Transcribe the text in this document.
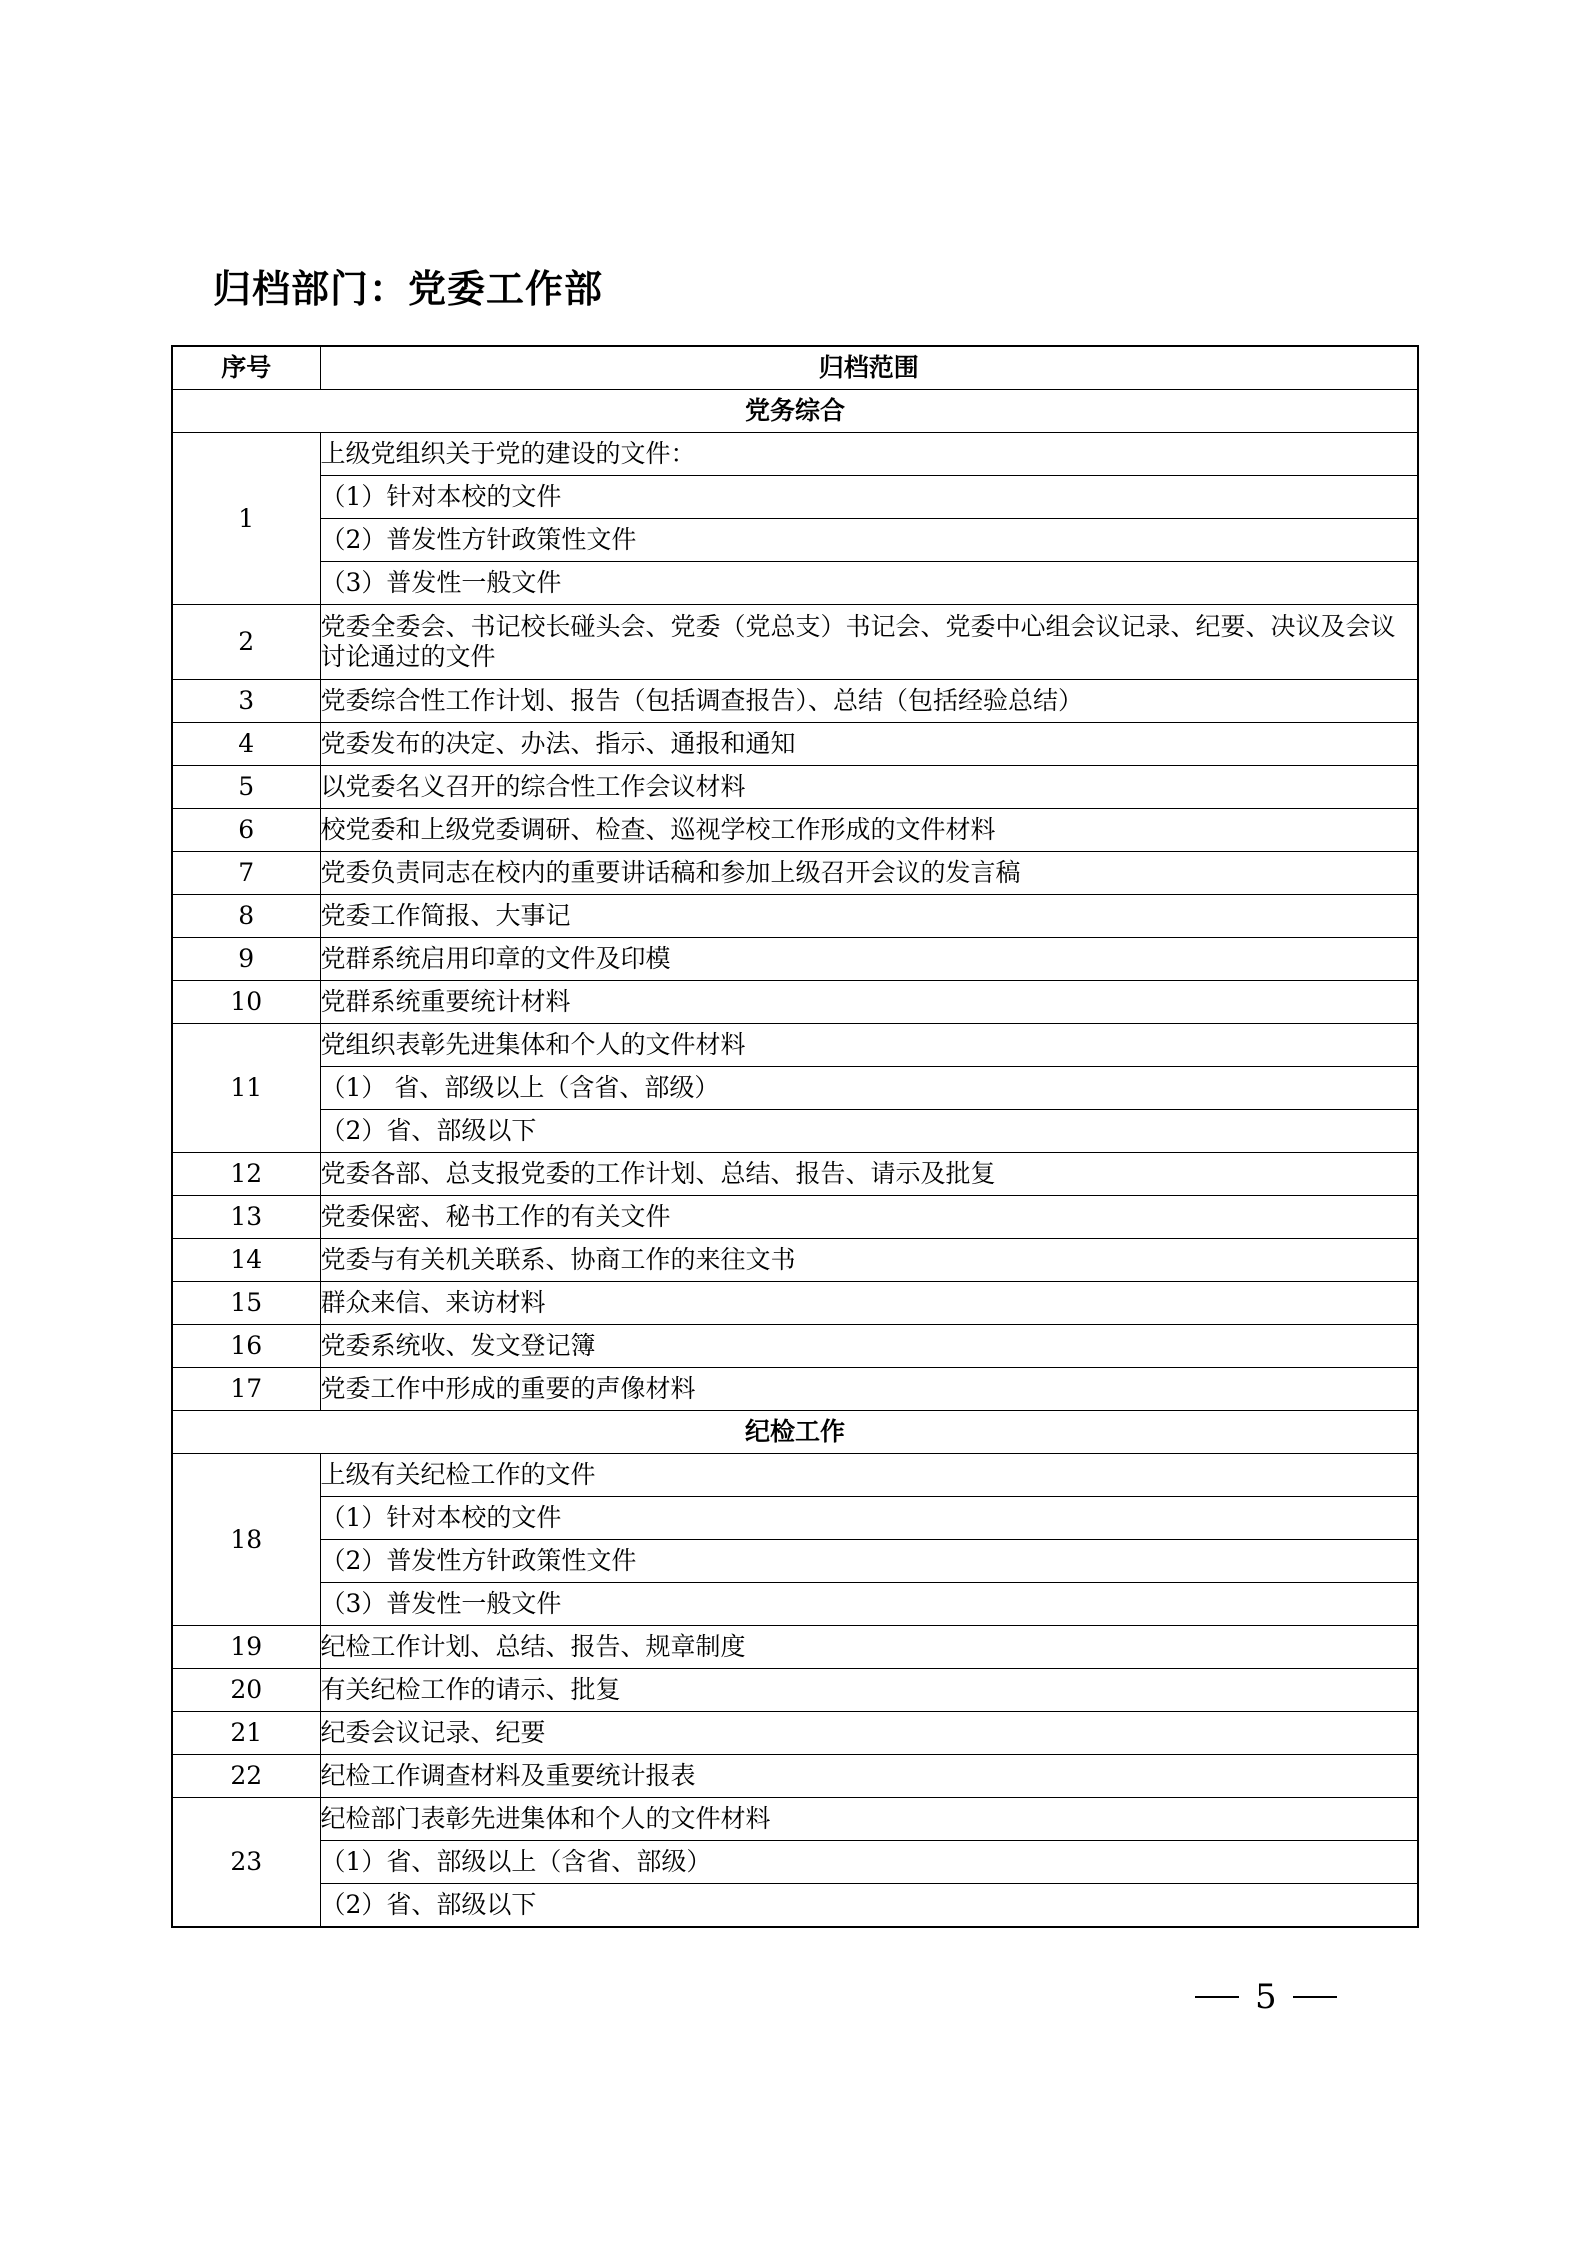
归档部门：党委工作部
序号	归档范围
党务综合	
1	上级党组织关于党的建设的文件：
	（1）针对本校的文件
	（2）普发性方针政策性文件
	（3）普发性一般文件
2	党委全委会、书记校长碰头会、党委（党总支）书记会、党委中心组会议记录、纪要、决议及会议讨论通过的文件
3	党委综合性工作计划、报告（包括调查报告）、总结（包括经验总结）
4	党委发布的决定、办法、指示、通报和通知
5	以党委名义召开的综合性工作会议材料
6	校党委和上级党委调研、检查、巡视学校工作形成的文件材料
7	党委负责同志在校内的重要讲话稿和参加上级召开会议的发言稿
8	党委工作简报、大事记
9	党群系统启用印章的文件及印模
10	党群系统重要统计材料
11	党组织表彰先进集体和个人的文件材料
	（1） 省、部级以上（含省、部级）
	（2）省、部级以下
12	党委各部、总支报党委的工作计划、总结、报告、请示及批复
13	党委保密、秘书工作的有关文件
14	党委与有关机关联系、协商工作的来往文书
15	群众来信、来访材料
16	党委系统收、发文登记簿
17	党委工作中形成的重要的声像材料
纪检工作	
18	上级有关纪检工作的文件
	（1）针对本校的文件
	（2）普发性方针政策性文件
	（3）普发性一般文件
19	纪检工作计划、总结、报告、规章制度
20	有关纪检工作的请示、批复
21	纪委会议记录、纪要
22	纪检工作调查材料及重要统计报表
23	纪检部门表彰先进集体和个人的文件材料
	（1）省、部级以上（含省、部级）
	（2）省、部级以下
5
